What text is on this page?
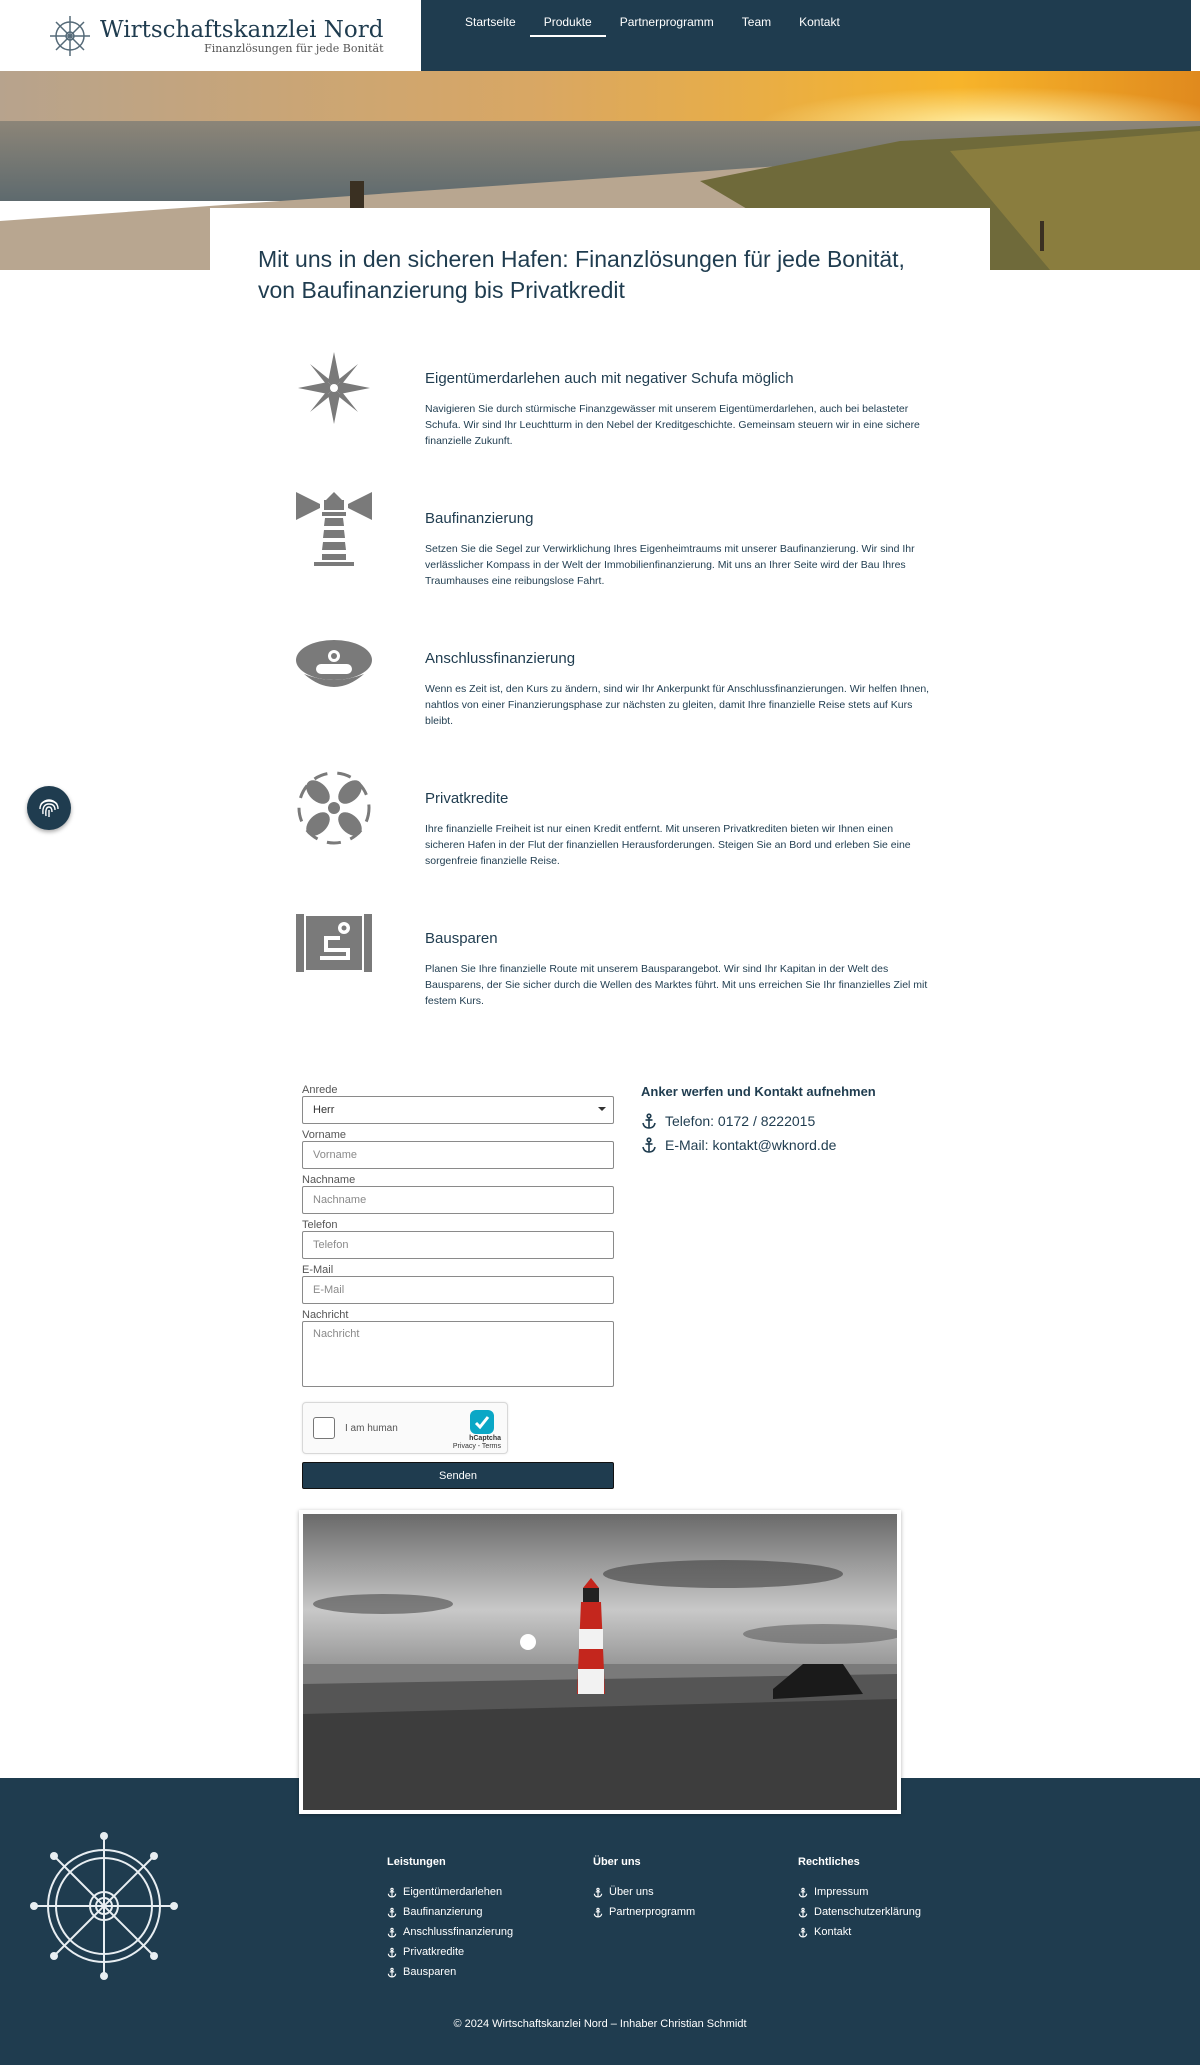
Wirtschaftskanzlei Nord
Finanzlösungen für jede Bonität
Startseite	Produkte	Partnerprogramm	Team	Kontakt
Mit uns in den sicheren Hafen: Finanzlösungen für jede Bonität, von Baufinanzierung bis Privatkredit
Eigentümerdarlehen auch mit negativer Schufa möglich

Navigieren Sie durch stürmische Finanzgewässer mit unserem Eigentümerdarlehen, auch bei belasteter Schufa. Wir sind Ihr Leuchtturm in den Nebel der Kreditgeschichte. Gemeinsam steuern wir in eine sichere finanzielle Zukunft.

Baufinanzierung

Setzen Sie die Segel zur Verwirklichung Ihres Eigenheimtraums mit unserer Baufinanzierung. Wir sind Ihr verlässlicher Kompass in der Welt der Immobilienfinanzierung. Mit uns an Ihrer Seite wird der Bau Ihres Traumhauses eine reibungslose Fahrt.

Anschlussfinanzierung

Wenn es Zeit ist, den Kurs zu ändern, sind wir Ihr Ankerpunkt für Anschlussfinanzierungen. Wir helfen Ihnen, nahtlos von einer Finanzierungsphase zur nächsten zu gleiten, damit Ihre finanzielle Reise stets auf Kurs bleibt.

Privatkredite

Ihre finanzielle Freiheit ist nur einen Kredit entfernt. Mit unseren Privatkrediten bieten wir Ihnen einen sicheren Hafen in der Flut der finanziellen Herausforderungen. Steigen Sie an Bord und erleben Sie eine sorgenfreie finanzielle Reise.

Bausparen

Planen Sie Ihre finanzielle Route mit unserem Bausparangebot. Wir sind Ihr Kapitan in der Welt des Bausparens, der Sie sicher durch die Wellen des Marktes führt. Mit uns erreichen Sie Ihr finanzielles Ziel mit festem Kurs.

Anrede
Herr
Vorname
Vorname
Nachname
Nachname
Telefon
Telefon
E-Mail
E-Mail
Nachricht
Nachricht
I am human
hCaptcha
Privacy - Terms
Senden
Anker werfen und Kontakt aufnehmen
Telefon: 0172 / 8222015
E-Mail: kontakt@wknord.de
Leistungen
Eigentümerdarlehen
Baufinanzierung
Anschlussfinanzierung
Privatkredite
Bausparen
Über uns
Über uns
Partnerprogramm
Rechtliches
Impressum
Datenschutzerklärung
Kontakt
© 2024 Wirtschaftskanzlei Nord – Inhaber Christian Schmidt
